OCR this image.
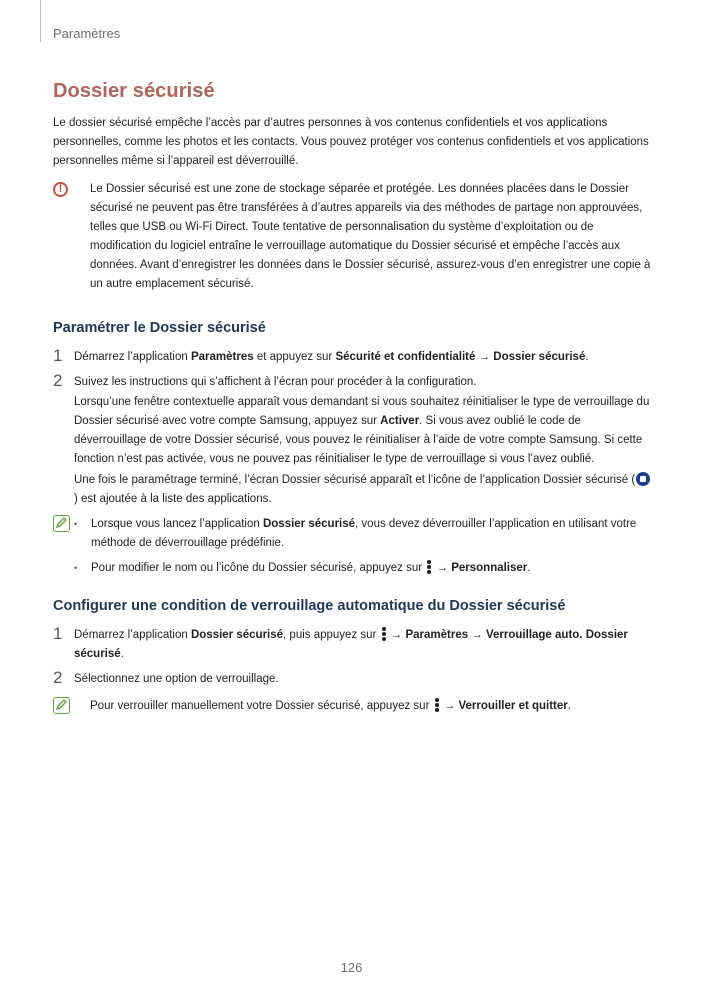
Paramètres
Dossier sécurisé

Le dossier sécurisé empêche l’accès par d’autres personnes à vos contenus confidentiels et vos applications personnelles, comme les photos et les contacts. Vous pouvez protéger vos contenus confidentiels et vos applications personnelles même si l’appareil est déverrouillé.

!	Le Dossier sécurisé est une zone de stockage séparée et protégée. Les données placées dans le Dossier sécurisé ne peuvent pas être transférées à d’autres appareils via des méthodes de partage non approuvées, telles que USB ou Wi-Fi Direct. Toute tentative de personnalisation du système d’exploitation ou de modification du logiciel entraîne le verrouillage automatique du Dossier sécurisé et empêche l’accès aux données. Avant d’enregistrer les données dans le Dossier sécurisé, assurez-vous d’en enregistrer une copie à un autre emplacement sécurisé.

Paramétrer le Dossier sécurisé
1 Démarrez l’application Paramètres et appuyez sur Sécurité et confidentialité → Dossier sécurisé.

2 Suivez les instructions qui s’affichent à l’écran pour procéder à la configuration.

Lorsqu’une fenêtre contextuelle apparaît vous demandant si vous souhaitez réinitialiser le type de verrouillage du Dossier sécurisé avec votre compte Samsung, appuyez sur Activer. Si vous avez oublié le code de déverrouillage de votre Dossier sécurisé, vous pouvez le réinitialiser à l’aide de votre compte Samsung. Si cette fonction n’est pas activée, vous ne pouvez pas réinitialiser le type de verrouillage si vous l’avez oublié.

Une fois le paramétrage terminé, l’écran Dossier sécurisé apparaît et l’icône de l’application Dossier sécurisé () est ajoutée à la liste des applications.

• Lorsque vous lancez l’application Dossier sécurisé, vous devez déverrouiller l’application en utilisant votre méthode de déverrouillage prédéfinie.
• Pour modifier le nom ou l’icône du Dossier sécurisé, appuyez sur
→ Personnaliser.
Configurer une condition de verrouillage automatique du Dossier sécurisé
1 Démarrez l’application Dossier sécurisé, puis appuyez sur
→ Paramètres → Verrouillage auto. Dossier sécurisé.

2 Sélectionnez une option de verrouillage.

Pour verrouiller manuellement votre Dossier sécurisé, appuyez sur
→ Verrouiller et quitter.

126
